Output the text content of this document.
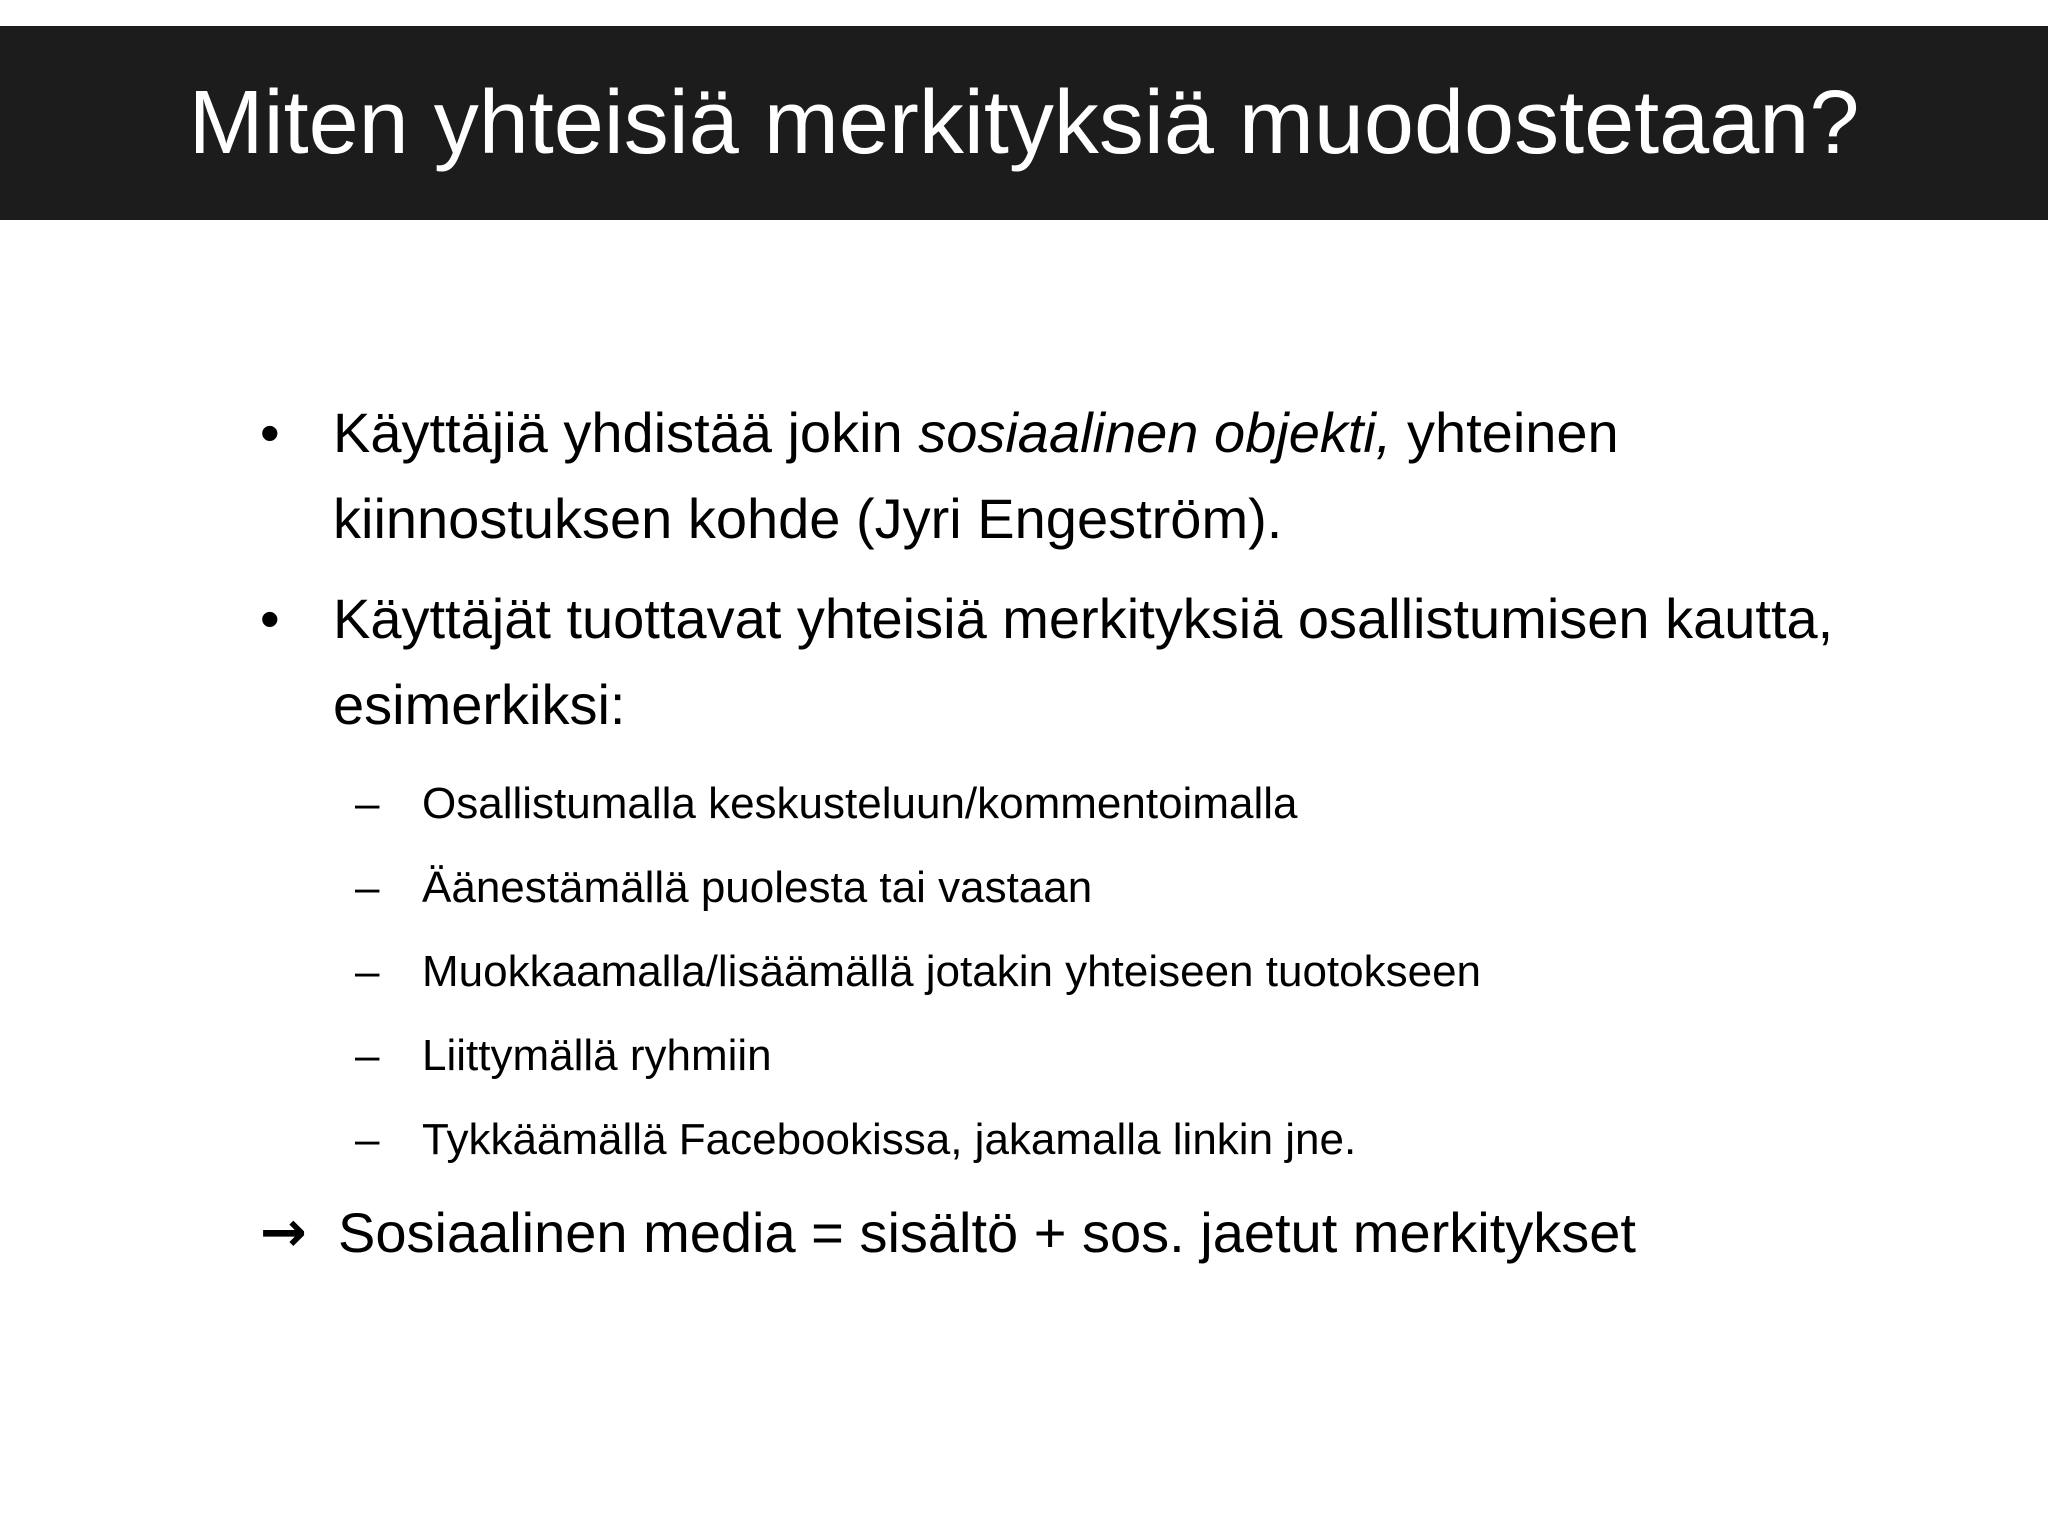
Miten yhteisiä merkityksiä muodostetaan?
• Käyttäjiä yhdistää jokin sosiaalinen objekti, yhteinen kiinnostuksen kohde (Jyri Engeström).
• Käyttäjät tuottavat yhteisiä merkityksiä osallistumisen kautta, esimerkiksi:
– Osallistumalla keskusteluun/kommentoimalla
– Äänestämällä puolesta tai vastaan
– Muokkaamalla/lisäämällä jotakin yhteiseen tuotokseen
– Liittymällä ryhmiin
– Tykkäämällä Facebookissa, jakamalla linkin jne.
→ Sosiaalinen media = sisältö + sos. jaetut merkitykset
